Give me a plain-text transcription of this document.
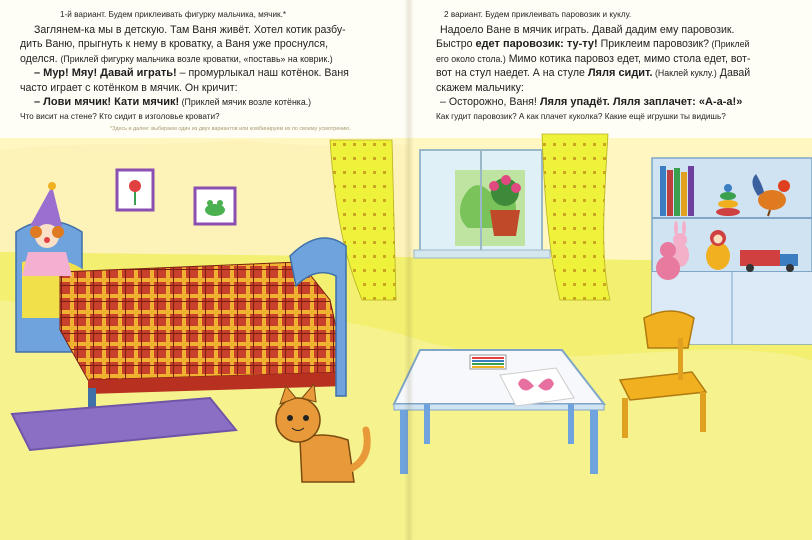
1-й вариант. Будем приклеивать фигурку мальчика, мячик.*
Заглянем-ка мы в детскую. Там Ваня живёт. Хотел котик разбу-
дить Ваню, прыгнуть к нему в кроватку, а Ваня уже проснулся,
оделся. (Приклей фигурку мальчика возле кроватки, «поставь» на коврик.)
– Мур! Мяу! Давай играть! – промурлыкал наш котёнок. Ваня
часто играет с котёнком в мячик. Он кричит:
– Лови мячик! Кати мячик! (Приклей мячик возле котёнка.)
Что висит на стене? Кто сидит в изголовье кровати?
*Здесь и далее: выбираем один из двух вариантов или комбинируем их по своему усмотрению.
2 вариант. Будем приклеивать паровозик и куклу.
Надоело Ване в мячик играть. Давай дадим ему паровозик.
Быстро едет паровозик: ту-ту! Приклеим паровозик? (Приклей
его около стола.) Мимо котика паровоз едет, мимо стола едет, вот-
вот на стул наедет. А на стуле Ляля сидит. (Наклей куклу.) Давай
скажем мальчику:
– Осторожно, Ваня! Ляля упадёт. Ляля заплачет: «А-а-а!»
Как гудит паровозик? А как плачет куколка? Какие ещё игрушки ты видишь?
